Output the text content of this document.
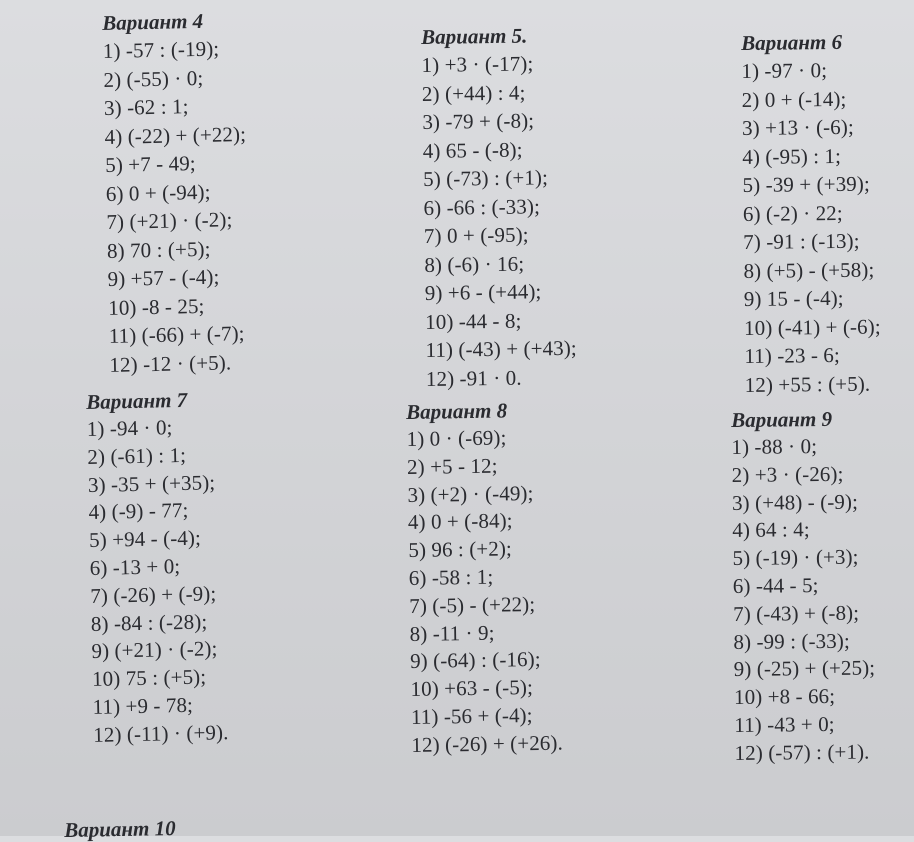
Вариант 4
1) -57 : (-19);
2) (-55) · 0;
3) -62 : 1;
4) (-22) + (+22);
5) +7 - 49;
6) 0 + (-94);
7) (+21) · (-2);
8) 70 : (+5);
9) +57 - (-4);
10) -8 - 25;
11) (-66) + (-7);
12) -12 · (+5).
Вариант 5.
1) +3 · (-17);
2) (+44) : 4;
3) -79 + (-8);
4) 65 - (-8);
5) (-73) : (+1);
6) -66 : (-33);
7) 0 + (-95);
8) (-6) · 16;
9) +6 - (+44);
10) -44 - 8;
11) (-43) + (+43);
12) -91 · 0.
Вариант 6
1) -97 · 0;
2) 0 + (-14);
3) +13 · (-6);
4) (-95) : 1;
5) -39 + (+39);
6) (-2) · 22;
7) -91 : (-13);
8) (+5) - (+58);
9) 15 - (-4);
10) (-41) + (-6);
11) -23 - 6;
12) +55 : (+5).
Вариант 7
1) -94 · 0;
2) (-61) : 1;
3) -35 + (+35);
4) (-9) - 77;
5) +94 - (-4);
6) -13 + 0;
7) (-26) + (-9);
8) -84 : (-28);
9) (+21) · (-2);
10) 75 : (+5);
11) +9 - 78;
12) (-11) · (+9).
Вариант 8
1) 0 · (-69);
2) +5 - 12;
3) (+2) · (-49);
4) 0 + (-84);
5) 96 : (+2);
6) -58 : 1;
7) (-5) - (+22);
8) -11 · 9;
9) (-64) : (-16);
10) +63 - (-5);
11) -56 + (-4);
12) (-26) + (+26).
Вариант 9
1) -88 · 0;
2) +3 · (-26);
3) (+48) - (-9);
4) 64 : 4;
5) (-19) · (+3);
6) -44 - 5;
7) (-43) + (-8);
8) -99 : (-33);
9) (-25) + (+25);
10) +8 - 66;
11) -43 + 0;
12) (-57) : (+1).
Вариант 10
